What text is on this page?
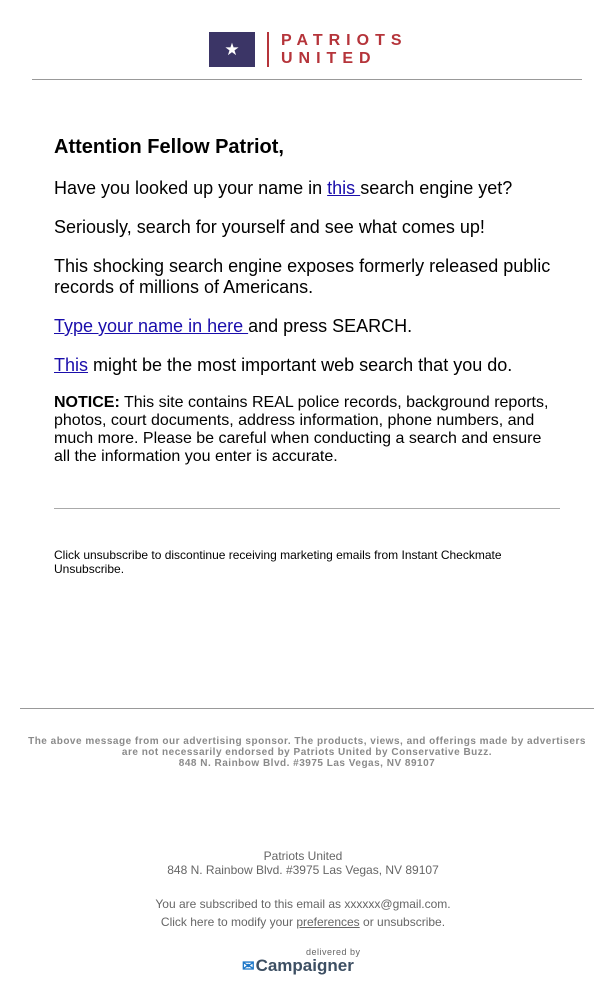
★	PATRIOTS
UNITED
Attention Fellow Patriot,
Have you looked up your name in this search engine yet?
Seriously, search for yourself and see what comes up!
This shocking search engine exposes formerly released public records of millions of Americans.
Type your name in here and press SEARCH.
This might be the most important web search that you do.
NOTICE: This site contains REAL police records, background reports, photos, court documents, address information, phone numbers, and much more. Please be careful when conducting a search and ensure all the information you enter is accurate.
Click unsubscribe to discontinue receiving marketing emails from Instant Checkmate Unsubscribe.
The above message from our advertising sponsor. The products, views, and offerings made by advertisers are not necessarily endorsed by Patriots United by Conservative Buzz.
848 N. Rainbow Blvd. #3975 Las Vegas, NV 89107
Patriots United
848 N. Rainbow Blvd. #3975 Las Vegas, NV 89107
You are subscribed to this email as xxxxxx@gmail.com.
Click here to modify your preferences or unsubscribe.
delivered by
✉Campaigner
